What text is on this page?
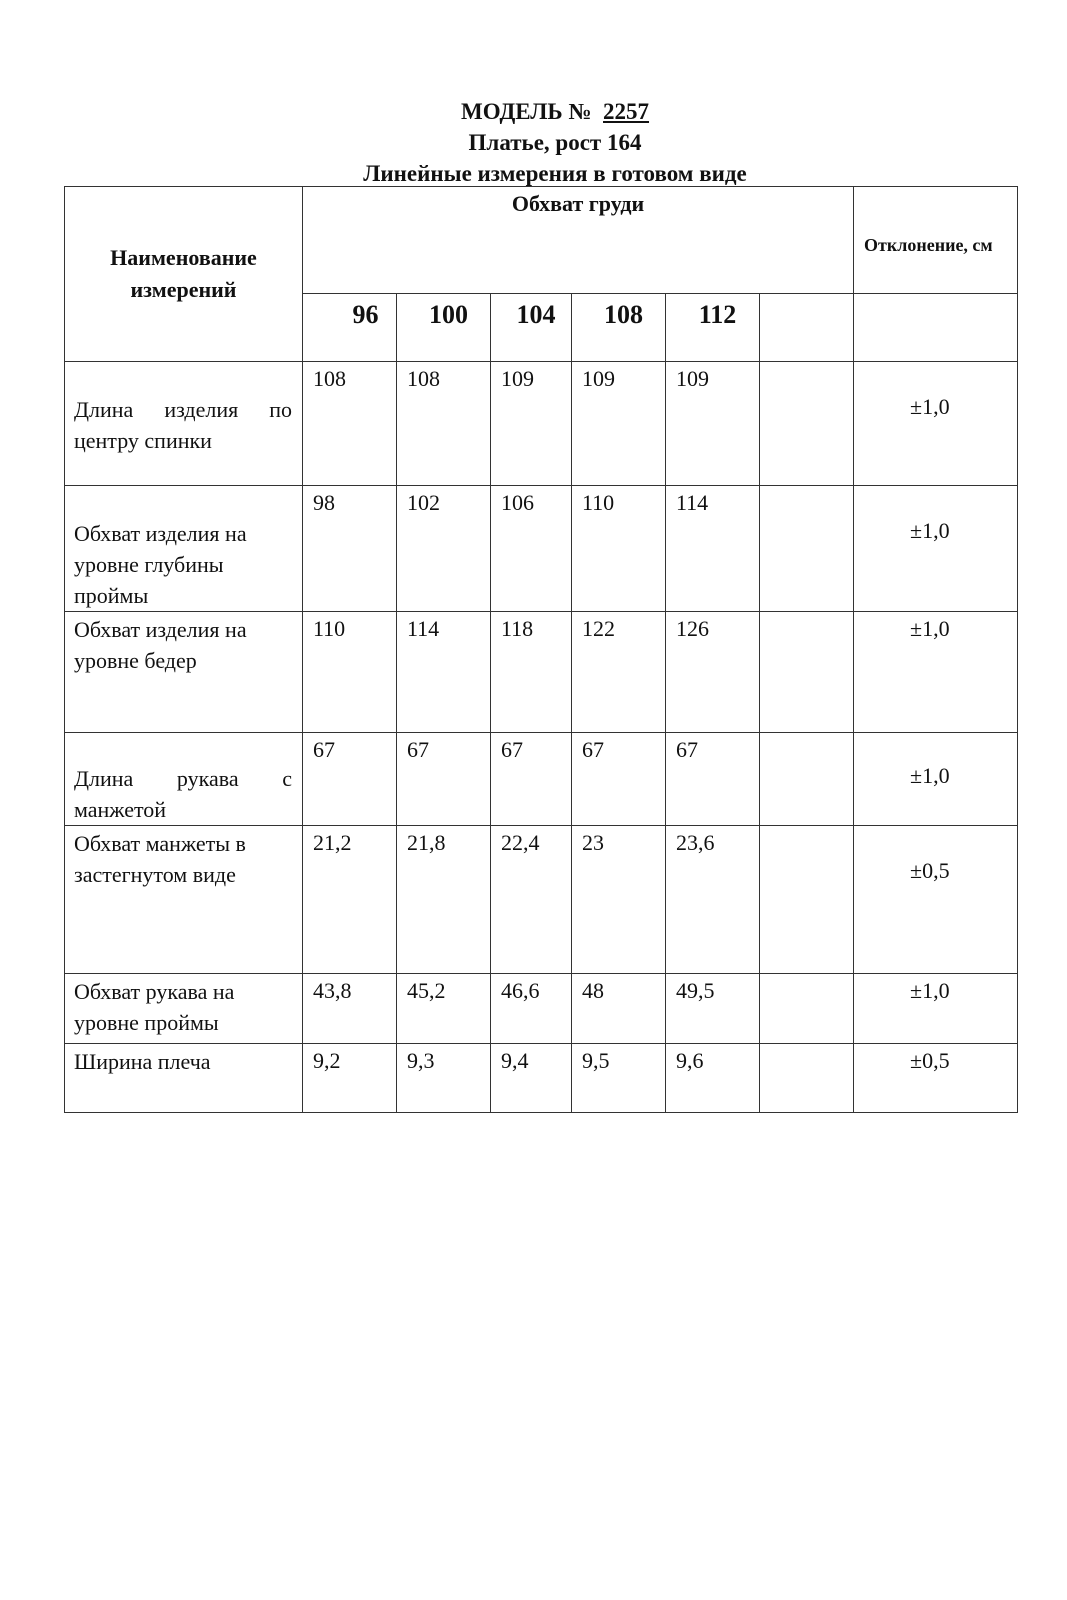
МОДЕЛЬ № 2257
Платье, рост 164
Линейные измерения в готовом виде
Наименование измерений	Обхват груди						Отклонение, см
	96	100	104	108	112		
Длина изделия по центру спинки	108	108	109	109	109		±1,0
Обхват изделия на уровне глубины проймы	98	102	106	110	114		±1,0
Обхват изделия на уровне бедер	110	114	118	122	126		±1,0
Длина рукава с манжетой	67	67	67	67	67		±1,0
Обхват манжеты в застегнутом виде	21,2	21,8	22,4	23	23,6		±0,5
Обхват рукава на уровне проймы	43,8	45,2	46,6	48	49,5		±1,0
Ширина плеча	9,2	9,3	9,4	9,5	9,6		±0,5
